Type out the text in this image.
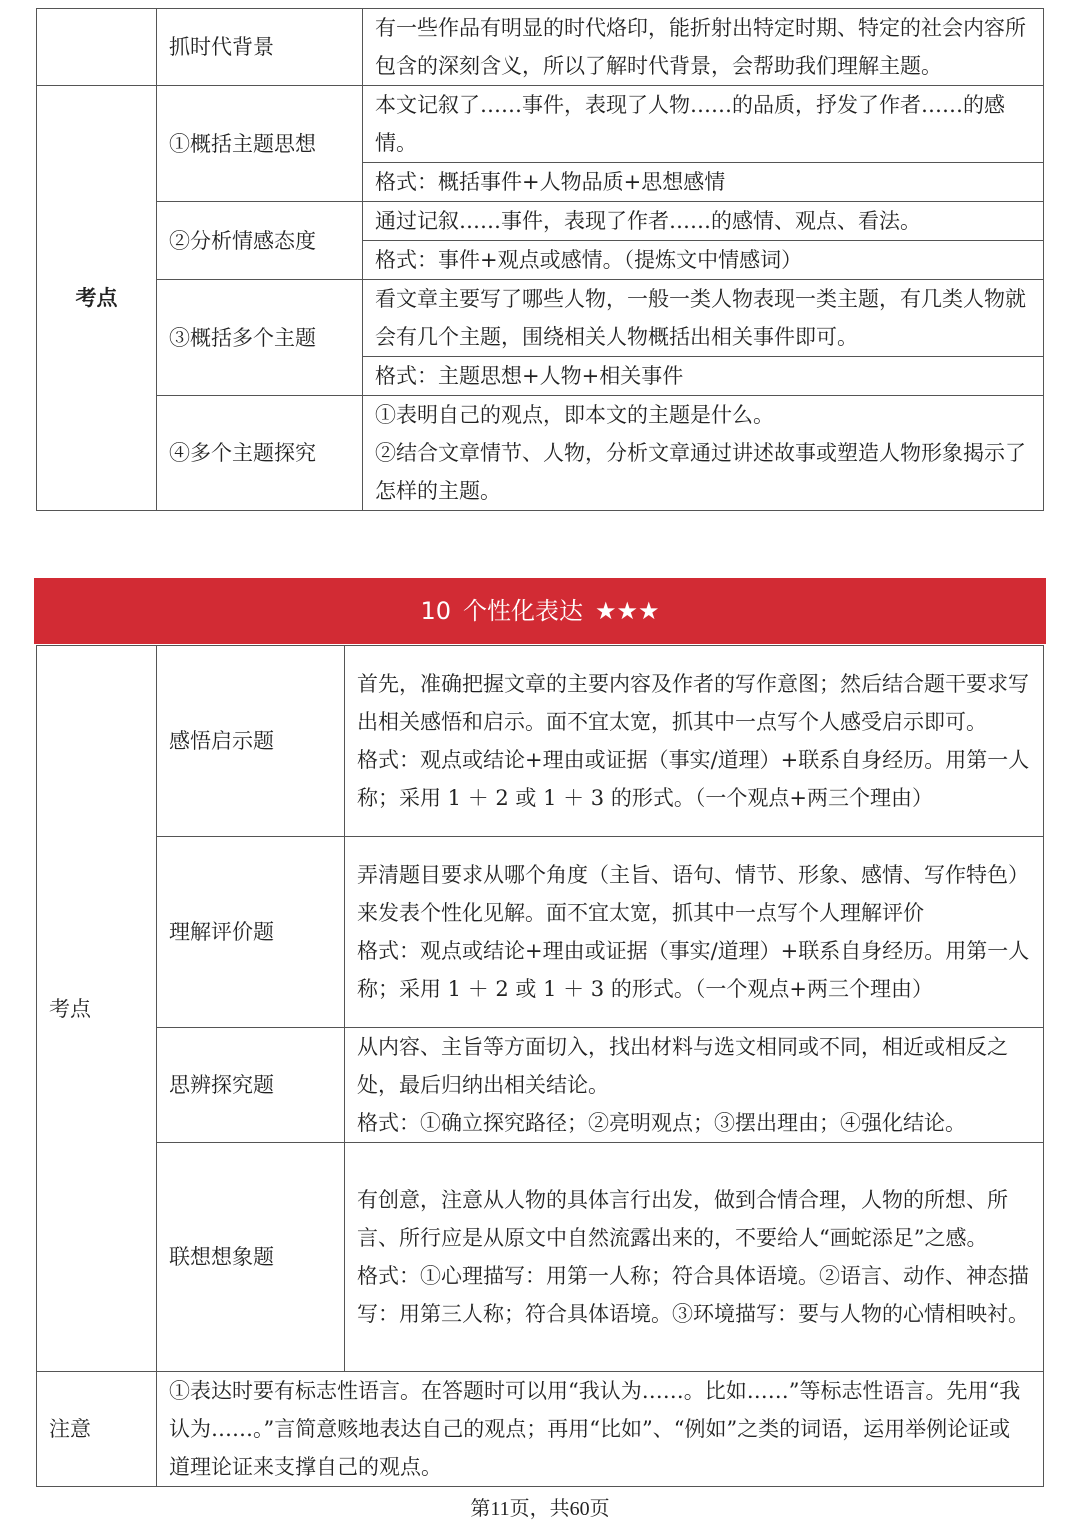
	抓时代背景	有一些作品有明显的时代烙印，能折射出特定时期、特定的社会内容所包含的深刻含义，所以了解时代背景，会帮助我们理解主题。
考点	①概括主题思想	本文记叙了……事件，表现了人物……的品质，抒发了作者……的感情。
		格式：概括事件+人物品质+思想感情
	②分析情感态度	通过记叙……事件，表现了作者……的感情、观点、看法。
		格式：事件+观点或感情。（提炼文中情感词）
	③概括多个主题	看文章主要写了哪些人物，一般一类人物表现一类主题，有几类人物就会有几个主题，围绕相关人物概括出相关事件即可。
		格式：主题思想+人物+相关事件
	④多个主题探究	①表明自己的观点，即本文的主题是什么。
②结合文章情节、人物，分析文章通过讲述故事或塑造人物形象揭示了怎样的主题。
10 个性化表达 ★★★
考点	感悟启示题	首先，准确把握文章的主要内容及作者的写作意图；然后结合题干要求写出相关感悟和启示。面不宜太宽，抓其中一点写个人感受启示即可。
格式：观点或结论+理由或证据（事实/道理）+联系自身经历。用第一人称；采用 1 ＋ 2 或 1 ＋ 3 的形式。（一个观点+两三个理由）
	理解评价题	弄清题目要求从哪个角度（主旨、语句、情节、形象、感情、写作特色）来发表个性化见解。面不宜太宽，抓其中一点写个人理解评价
格式：观点或结论+理由或证据（事实/道理）+联系自身经历。用第一人称；采用 1 ＋ 2 或 1 ＋ 3 的形式。（一个观点+两三个理由）
	思辨探究题	从内容、主旨等方面切入，找出材料与选文相同或不同，相近或相反之处，最后归纳出相关结论。
格式：①确立探究路径；②亮明观点；③摆出理由；④强化结论。
	联想想象题	有创意，注意从人物的具体言行出发，做到合情合理，人物的所想、所言、所行应是从原文中自然流露出来的，不要给人“画蛇添足”之感。
格式：①心理描写：用第一人称；符合具体语境。②语言、动作、神态描写：用第三人称；符合具体语境。③环境描写：要与人物的心情相映衬。
注意	①表达时要有标志性语言。在答题时可以用“我认为……。比如……”等标志性语言。先用“我认为……。”言简意赅地表达自己的观点；再用“比如”、“例如”之类的词语，运用举例论证或道理论证来支撑自己的观点。	
第11页，共60页
